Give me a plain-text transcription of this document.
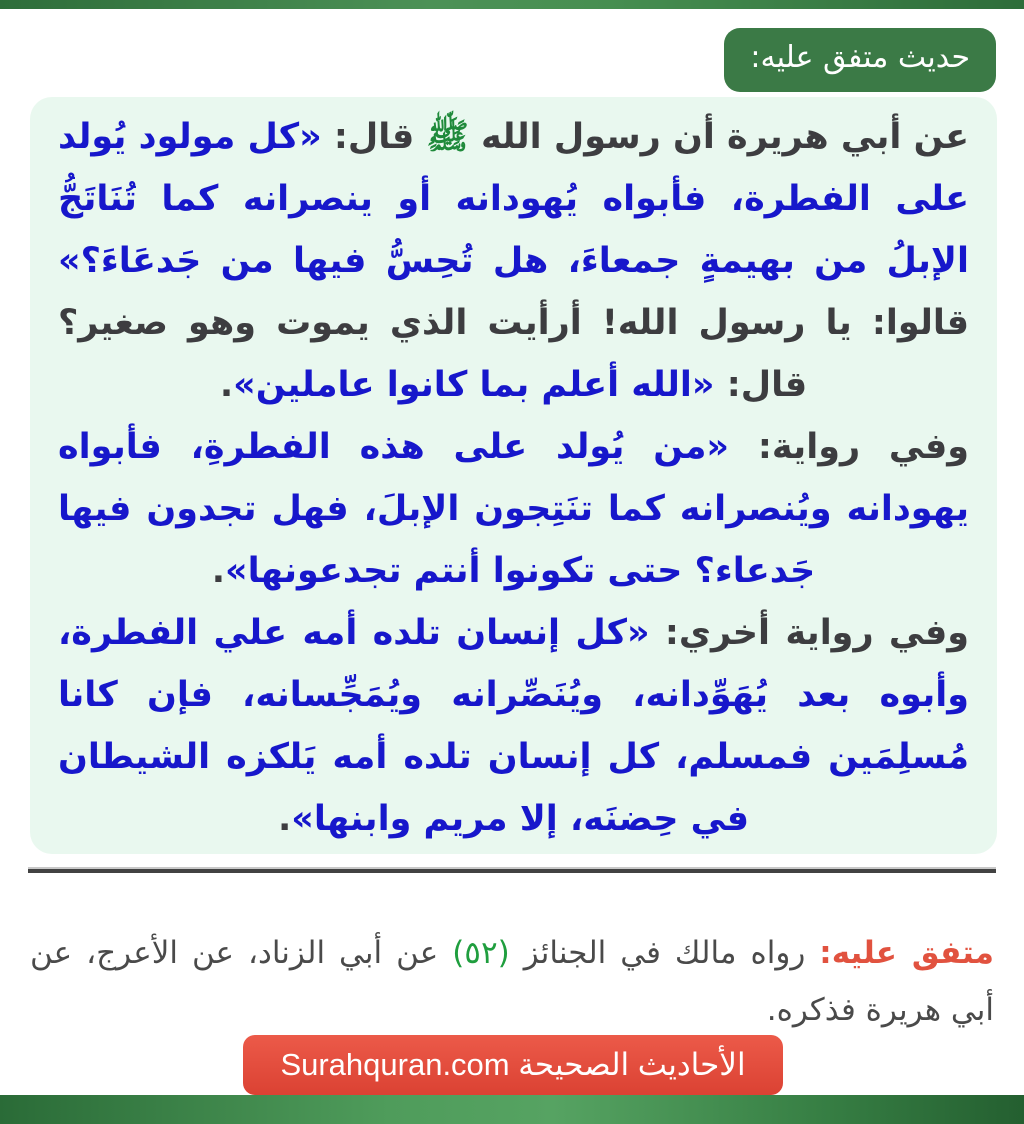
حديث متفق عليه:

عن أبي هريرة أن رسول الله ﷺ قال: «كل مولود يُولد على الفطرة، فأبواه يُهودانه أو ينصرانه كما تُنَاتَجُّ الإبلُ من بهيمةٍ جمعاءَ، هل تُحِسُّ فيها من جَدعَاءَ؟» قالوا: يا رسول الله! أرأيت الذي يموت وهو صغير؟ قال: «الله أعلم بما كانوا عاملين».

وفي رواية: «من يُولد على هذه الفطرةِ، فأبواه يهودانه ويُنصرانه كما تنَتِجون الإبلَ، فهل تجدون فيها جَدعاء؟ حتى تكونوا أنتم تجدعونها».

وفي رواية أخري: «كل إنسان تلده أمه علي الفطرة، وأبوه بعد يُهَوِّدانه، ويُنَصِّرانه ويُمَجِّسانه، فإن كانا مُسلِمَين فمسلم، كل إنسان تلده أمه يَلكزه الشيطان في حِضنَه، إلا مريم وابنها».

متفق عليه: رواه مالك في الجنائز (٥٢) عن أبي الزناد، عن الأعرج، عن أبي هريرة فذكره.

الأحاديث الصحيحة Surahquran.com
